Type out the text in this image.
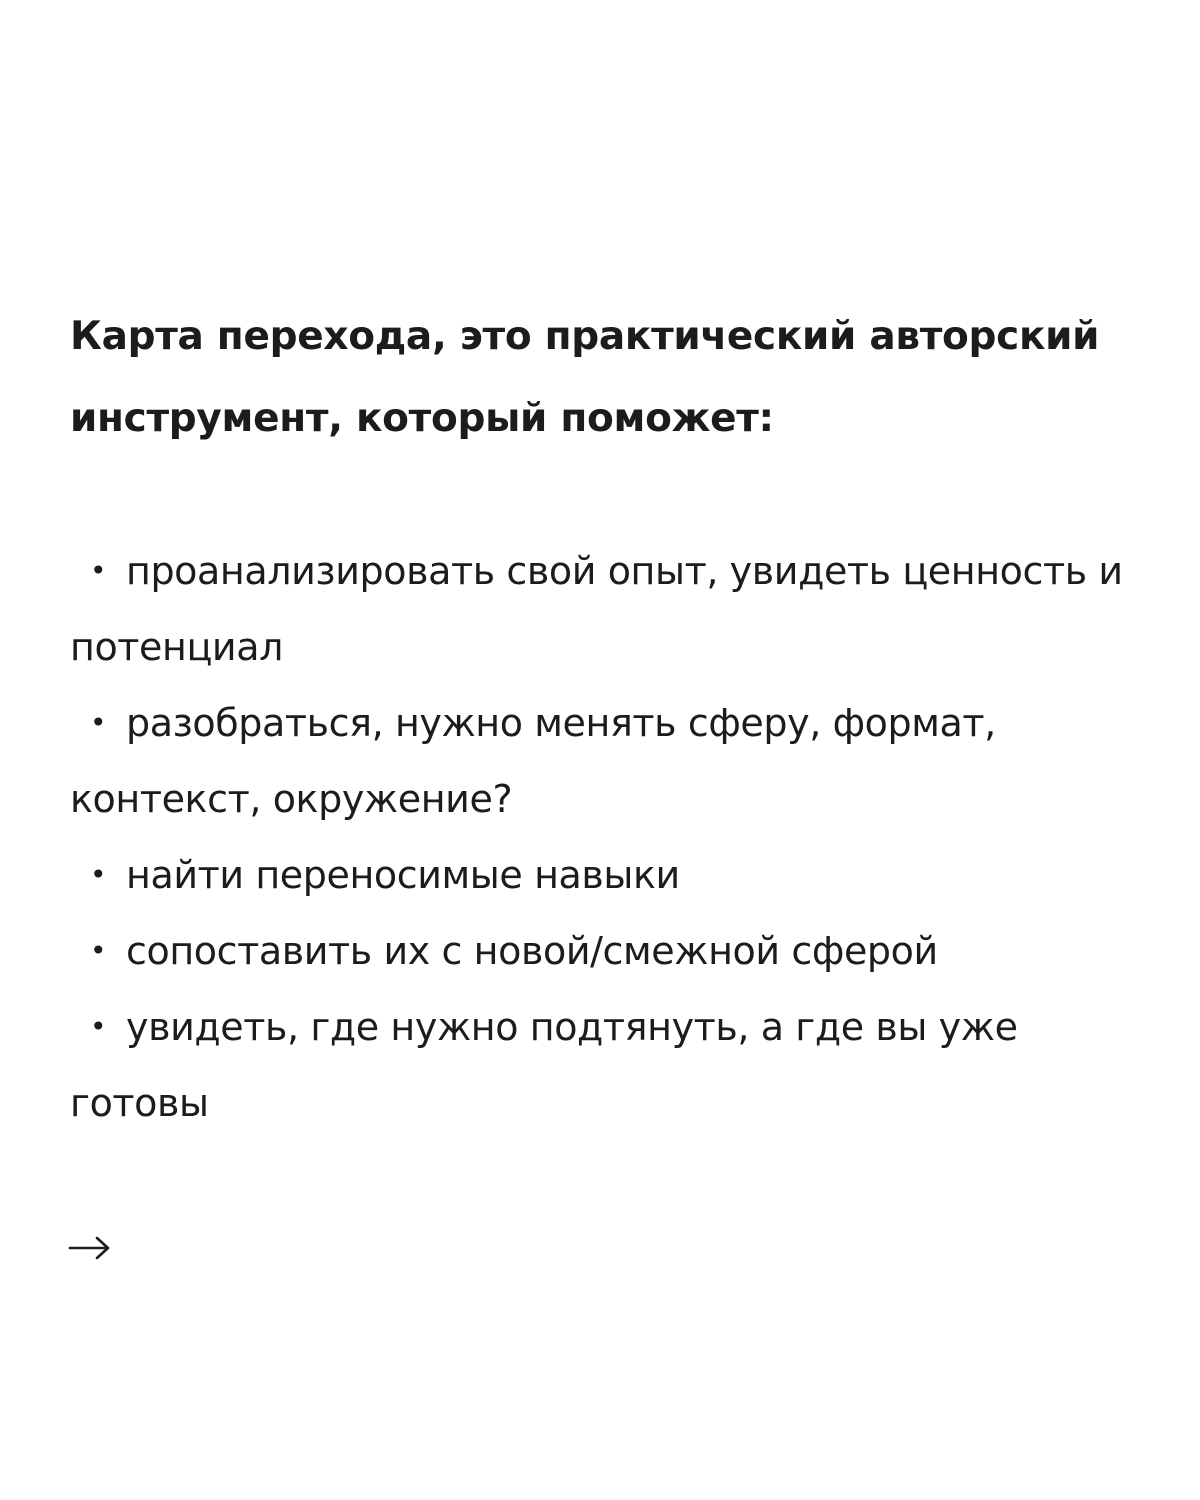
Карта перехода, это практический авторский инструмент, который поможет:
• проанализировать свой опыт, увидеть ценность и потенциал
• разобраться, нужно менять сферу, формат, контекст, окружение?
• найти переносимые навыки
• сопоставить их с новой/смежной сферой
• увидеть, где нужно подтянуть, а где вы уже готовы
